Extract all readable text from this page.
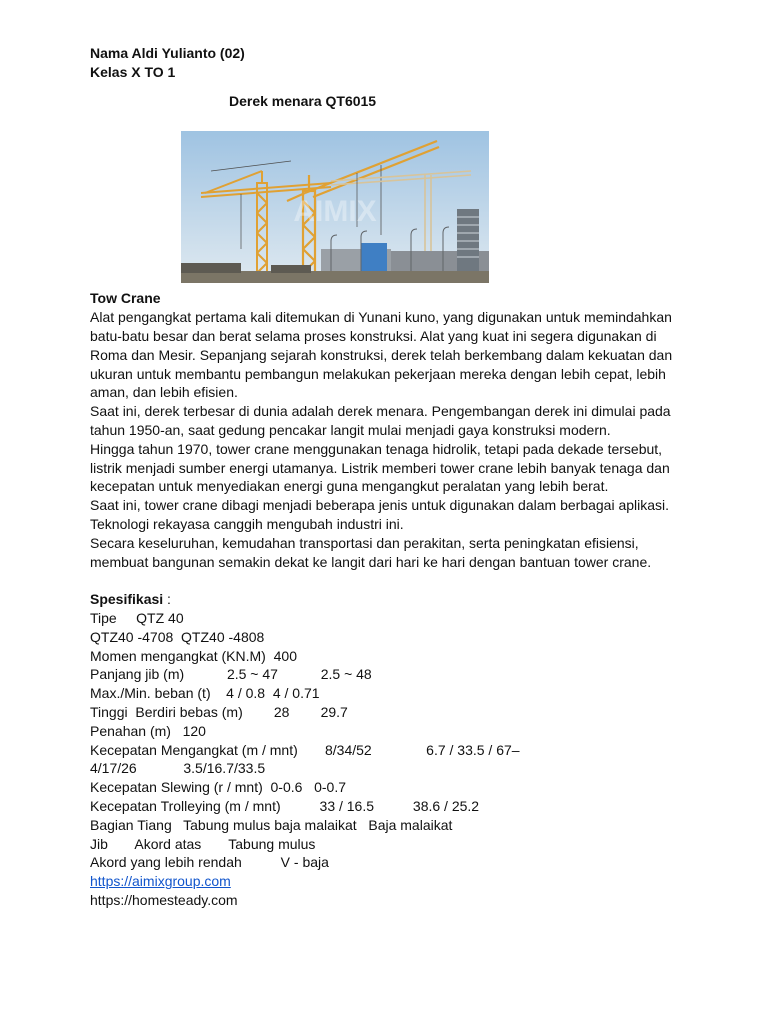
Nama Aldi Yulianto (02)
Kelas X TO 1
Derek menara QT6015
AIMIX
Tow Crane
Alat pengangkat pertama kali ditemukan di Yunani kuno, yang digunakan untuk memindahkan
batu-batu besar dan berat selama proses konstruksi. Alat yang kuat ini segera digunakan di
Roma dan Mesir. Sepanjang sejarah konstruksi, derek telah berkembang dalam kekuatan dan
ukuran untuk membantu pembangun melakukan pekerjaan mereka dengan lebih cepat, lebih
aman, dan lebih efisien.
Saat ini, derek terbesar di dunia adalah derek menara. Pengembangan derek ini dimulai pada
tahun 1950-an, saat gedung pencakar langit mulai menjadi gaya konstruksi modern.
Hingga tahun 1970, tower crane menggunakan tenaga hidrolik, tetapi pada dekade tersebut,
listrik menjadi sumber energi utamanya. Listrik memberi tower crane lebih banyak tenaga dan
kecepatan untuk menyediakan energi guna mengangkut peralatan yang lebih berat.
Saat ini, tower crane dibagi menjadi beberapa jenis untuk digunakan dalam berbagai aplikasi.
Teknologi rekayasa canggih mengubah industri ini.
Secara keseluruhan, kemudahan transportasi dan perakitan, serta peningkatan efisiensi,
membuat bangunan semakin dekat ke langit dari hari ke hari dengan bantuan tower crane.
Spesifikasi :
Tipe     QTZ 40
QTZ40 -4708  QTZ40 -4808
Momen mengangkat (KN.M)  400
Panjang jib (m)           2.5 ~ 47           2.5 ~ 48
Max./Min. beban (t)    4 / 0.8  4 / 0.71
Tinggi  Berdiri bebas (m)        28        29.7
Penahan (m)   120
Kecepatan Mengangkat (m / mnt)       8/34/52              6.7 / 33.5 / 67–
4/17/26            3.5/16.7/33.5
Kecepatan Slewing (r / mnt)  0-0.6   0-0.7
Kecepatan Trolleying (m / mnt)          33 / 16.5          38.6 / 25.2
Bagian Tiang   Tabung mulus baja malaikat   Baja malaikat
Jib       Akord atas       Tabung mulus
Akord yang lebih rendah          V - baja
https://aimixgroup.com
https://homesteady.com
